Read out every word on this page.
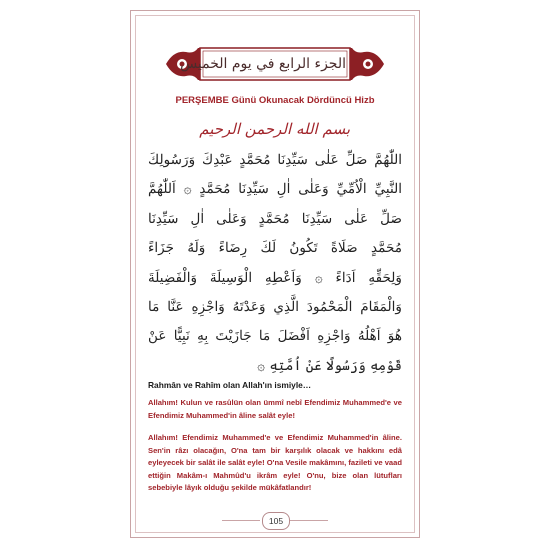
الجزء الرابع في يوم الخميس
PERŞEMBE Günü Okunacak Dördüncü Hizb
بسم الله الرحمن الرحيم
اللّٰهُمَّ صَلِّ عَلٰى سَيِّدِنَا مُحَمَّدٍ عَبْدِكَ وَرَسُولِكَ
النَّبِيِّ الْاُمِّيِّ وَعَلٰى اٰلِ سَيِّدِنَا مُحَمَّدٍ ۞ اَللّٰهُمَّ
صَلِّ عَلٰى سَيِّدِنَا مُحَمَّدٍ وَعَلٰى اٰلِ سَيِّدِنَا
مُحَمَّدٍ صَلَاةً تَكُونُ لَكَ رِضَاءً وَلَهُ جَزَاءً
وَلِحَقِّهِ اَدَاءً ۞ وَاَعْطِهِ الْوَسِيلَةَ وَالْفَضِيلَةَ
وَالْمَقَامَ الْمَحْمُودَ الَّذِي وَعَدْتَهُ وَاجْزِهِ عَنَّا مَا
هُوَ اَهْلُهُ وَاجْزِهِ اَفْضَلَ مَا جَازَيْتَ بِهِ نَبِيًّا عَنْ
قَوْمِهِ وَرَسُولًا عَنْ اُمَّتِهِ ۞
Rahmân ve Rahîm olan Allah'ın ismiyle…
Allahım! Kulun ve rasûlün olan ümmî nebî Efendimiz Muhammed'e ve Efendimiz Muhammed'in âline salât eyle!
Allahım! Efendimiz Muhammed'e ve Efendimiz Muhammed'in âline. Sen'in râzı olacağın, O'na tam bir karşılık olacak ve hakkını edâ eyleyecek bir salât ile salât eyle! O'na Vesile makâmını, fazileti ve vaad ettiğin Makâm-ı Mahmûd'u ikrâm eyle! O'nu, bize olan lütufları sebebiyle lâyık olduğu şekilde mükâfatlandır!
105
